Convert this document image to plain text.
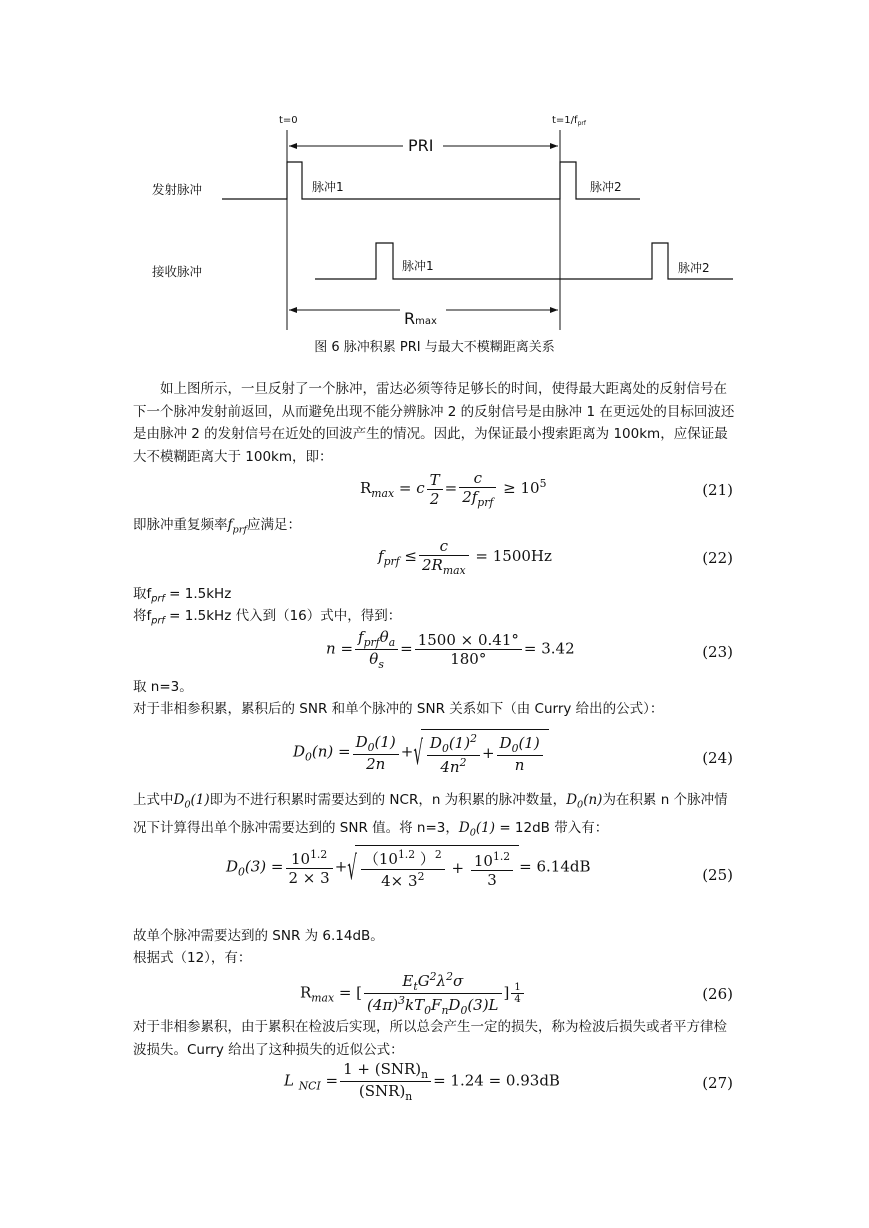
t=0	$t=1/f_{prf}$
PRI
发射脉冲	脉冲1	脉冲2
接收脉冲	脉冲1	脉冲2
Rmax
图 6 脉冲积累 PRI 与最大不模糊距离关系
如上图所示，一旦反射了一个脉冲，雷达必须等待足够长的时间，使得最大距离处的反射信号在下一个脉冲发射前返回，从而避免出现不能分辨脉冲 2 的反射信号是由脉冲 1 在更远处的目标回波还是由脉冲 2 的发射信号在近处的回波产生的情况。因此，为保证最小搜索距离为 100km，应保证最大不模糊距离大于 100km，即：
$R_{max} = c \frac{T}{2} = \frac{c}{2f_{prf}} \ge 10^5$	(21)
即脉冲重复频率$f_{prf}$应满足：
$f_{prf} \le \frac{c}{2R_{max}} = 1500Hz$	(22)
取$f_{prf} = 1.5kHz$
将$f_{prf} = 1.5kHz$ 代入到（16）式中，得到：
$n = \frac{f_{prf}\theta_a}{\theta_s} = \frac{1500 \times 0.41^\circ}{180^\circ} = 3.42$	(23)
取 n=3。
对于非相参积累，累积后的 SNR 和单个脉冲的 SNR 关系如下（由 Curry 给出的公式）：
$D_0(n) = \frac{D_0(1)}{2n}$ +√ $\frac{D_0(1)^2}{4n^2} + \frac{D_0(1)}{n}$	(24)
上式中$D_0(1)$即为不进行积累时需要达到的 NCR，n 为积累的脉冲数量，$D_0(n)$为在积累 n 个脉冲情况下计算得出单个脉冲需要达到的 SNR 值。将 n=3，$D_0(1) = 12dB$ 带入有：
$D_0(3) = \frac{10^{1.2}}{2 \times 3}$ +√ $\frac{(10^{1.2} )^2}{4\times 3^2} + \frac{10^{1.2}}{3} = 6.14dB$	(25)
故单个脉冲需要达到的 SNR 为 6.14dB。
根据式（12），有：
$R_{max}$ = [ $\frac{E_tG^2\lambda^2\sigma}{(4\pi)^3kT_0F_nD_0(3)L}$ ] $\frac{1}{4}$	(26)
对于非相参累积，由于累积在检波后实现，所以总会产生一定的损失，称为检波后损失或者平方律检波损失。Curry 给出了这种损失的近似公式：
L $_{NCI} = \frac{1 + (SNR)_n}{(SNR)_n} = 1.24 = 0.93dB$	(27)
